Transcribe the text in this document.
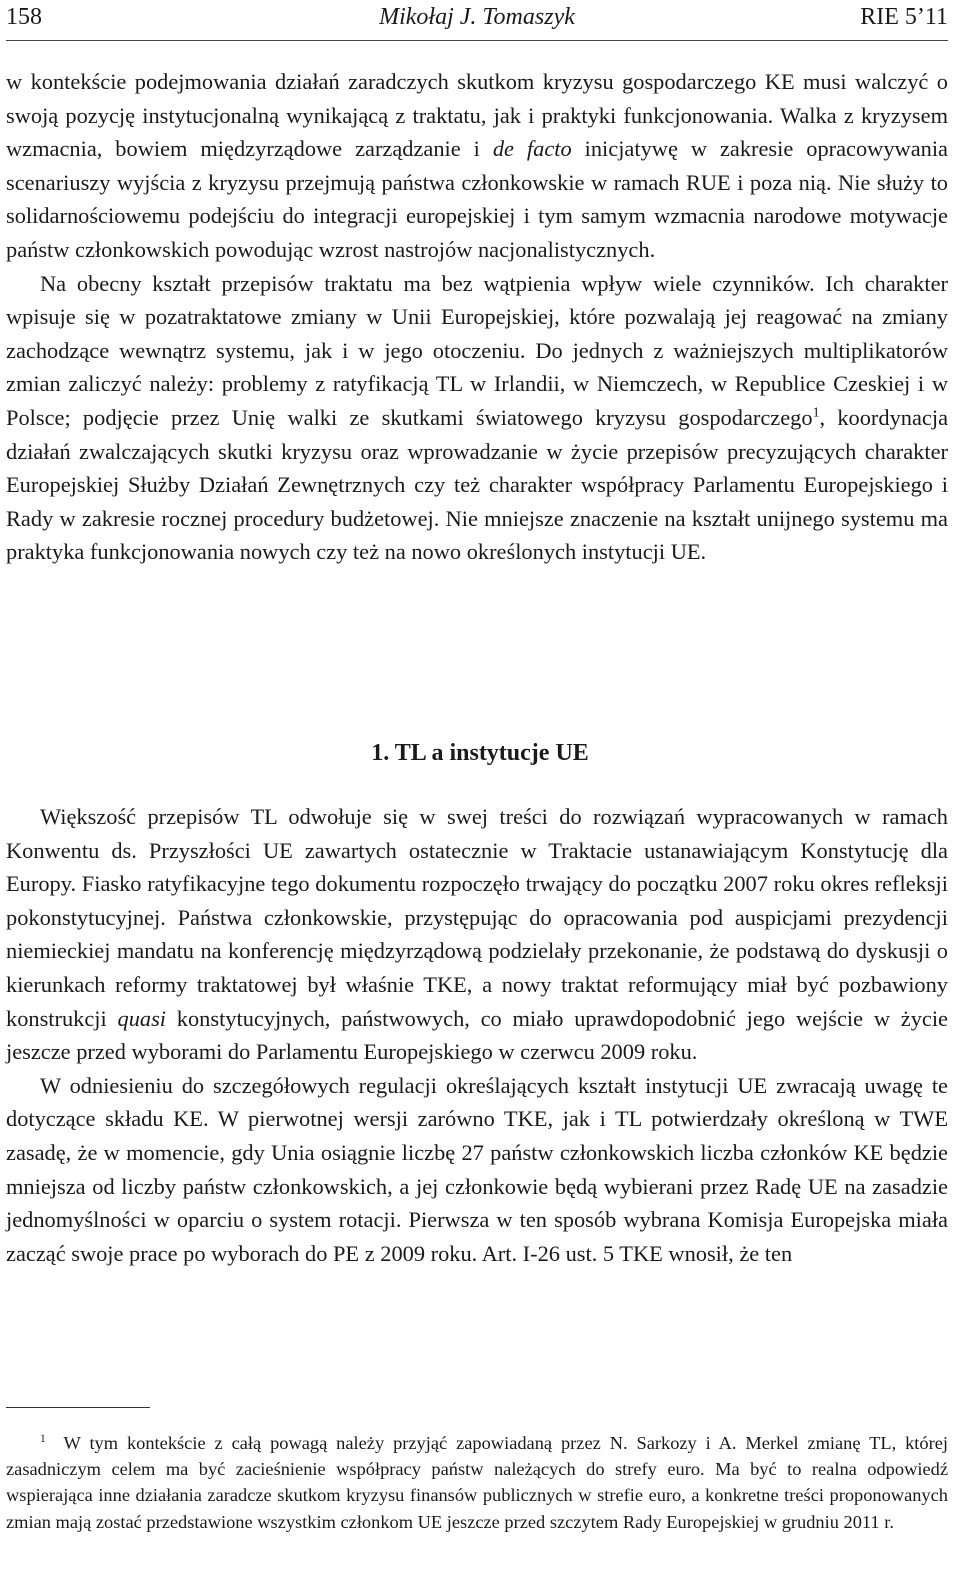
158	Mikołaj J. Tomaszyk	RIE 5’11

w kontekście podejmowania działań zaradczych skutkom kryzysu gospodarczego KE musi walczyć o swoją pozycję instytucjonalną wynikającą z traktatu, jak i praktyki funkcjonowania. Walka z kryzysem wzmacnia, bowiem międzyrządowe zarządzanie i de facto inicjatywę w zakresie opracowywania scenariuszy wyjścia z kryzysu przejmują państwa członkowskie w ramach RUE i poza nią. Nie służy to solidarnościowemu podejściu do integracji europejskiej i tym samym wzmacnia narodowe motywacje państw członkowskich powodując wzrost nastrojów nacjonalistycznych.

Na obecny kształt przepisów traktatu ma bez wątpienia wpływ wiele czynników. Ich charakter wpisuje się w pozatraktatowe zmiany w Unii Europejskiej, które pozwalają jej reagować na zmiany zachodzące wewnątrz systemu, jak i w jego otoczeniu. Do jednych z ważniejszych multiplikatorów zmian zaliczyć należy: problemy z ratyfikacją TL w Irlandii, w Niemczech, w Republice Czeskiej i w Polsce; podjęcie przez Unię walki ze skutkami światowego kryzysu gospodarczego$^1$, koordynacja działań zwalczających skutki kryzysu oraz wprowadzanie w życie przepisów precyzujących charakter Europejskiej Służby Działań Zewnętrznych czy też charakter współpracy Parlamentu Europejskiego i Rady w zakresie rocznej procedury budżetowej. Nie mniejsze znaczenie na kształt unijnego systemu ma praktyka funkcjonowania nowych czy też na nowo określonych instytucji UE.

1. TL a instytucje UE

Większość przepisów TL odwołuje się w swej treści do rozwiązań wypracowanych w ramach Konwentu ds. Przyszłości UE zawartych ostatecznie w Traktacie ustanawiającym Konstytucję dla Europy. Fiasko ratyfikacyjne tego dokumentu rozpoczęło trwający do początku 2007 roku okres refleksji pokonstytucyjnej. Państwa członkowskie, przystępując do opracowania pod auspicjami prezydencji niemieckiej mandatu na konferencję międzyrządową podzielały przekonanie, że podstawą do dyskusji o kierunkach reformy traktatowej był właśnie TKE, a nowy traktat reformujący miał być pozbawiony konstrukcji quasi konstytucyjnych, państwowych, co miało uprawdopodobnić jego wejście w życie jeszcze przed wyborami do Parlamentu Europejskiego w czerwcu 2009 roku.

W odniesieniu do szczegółowych regulacji określających kształt instytucji UE zwracają uwagę te dotyczące składu KE. W pierwotnej wersji zarówno TKE, jak i TL potwierdzały określoną w TWE zasadę, że w momencie, gdy Unia osiągnie liczbę 27 państw członkowskich liczba członków KE będzie mniejsza od liczby państw członkowskich, a jej członkowie będą wybierani przez Radę UE na zasadzie jednomyślności w oparciu o system rotacji. Pierwsza w ten sposób wybrana Komisja Europejska miała zacząć swoje prace po wyborach do PE z 2009 roku. Art. I-26 ust. 5 TKE wnosił, że ten

$^1$ W tym kontekście z całą powagą należy przyjąć zapowiadaną przez N. Sarkozy i A. Merkel zmianę TL, której zasadniczym celem ma być zacieśnienie współpracy państw należących do strefy euro. Ma być to realna odpowiedź wspierająca inne działania zaradcze skutkom kryzysu finansów publicznych w strefie euro, a konkretne treści proponowanych zmian mają zostać przedstawione wszystkim członkom UE jeszcze przed szczytem Rady Europejskiej w grudniu 2011 r.
